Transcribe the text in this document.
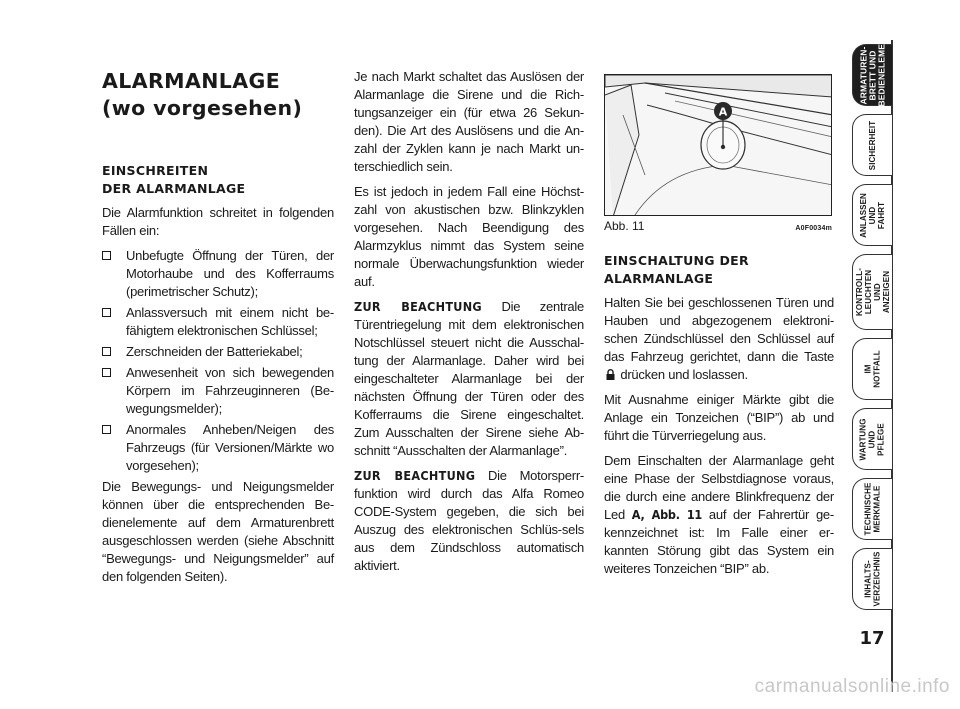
ALARMANLAGE
(wo vorgesehen)
EINSCHREITEN
DER ALARMANLAGE

Die Alarmfunktion schreitet in folgenden Fällen ein:

Unbefugte Öffnung der Türen, der Motorhaube und des Kofferraums (perimetrischer Schutz);
Anlassversuch mit einem nicht be-fähigtem elektronischen Schlüssel;
Zerschneiden der Batteriekabel;
Anwesenheit von sich bewegenden Körpern im Fahrzeuginneren (Be-wegungsmelder);
Anormales Anheben/Neigen des Fahrzeugs (für Versionen/Märkte wo vorgesehen);

Die Bewegungs- und Neigungsmelder können über die entsprechenden Be-dienelemente auf dem Armaturenbrett ausgeschlossen werden (siehe Abschnitt “Bewegungs- und Neigungsmelder” auf den folgenden Seiten).

Je nach Markt schaltet das Auslösen der Alarmanlage die Sirene und die Rich-tungsanzeiger ein (für etwa 26 Sekun-den). Die Art des Auslösens und die An-zahl der Zyklen kann je nach Markt un-terschiedlich sein.

Es ist jedoch in jedem Fall eine Höchst-zahl von akustischen bzw. Blinkzyklen vorgesehen. Nach Beendigung des Alarmzyklus nimmt das System seine normale Überwachungsfunktion wieder auf.

ZUR BEACHTUNG Die zentrale Türentriegelung mit dem elektronischen Notschlüssel steuert nicht die Ausschal-tung der Alarmanlage. Daher wird bei eingeschalteter Alarmanlage bei der nächsten Öffnung der Türen oder des Kofferraums die Sirene eingeschaltet. Zum Ausschalten der Sirene siehe Ab-schnitt “Ausschalten der Alarmanlage”.

ZUR BEACHTUNG Die Motorsperr-funktion wird durch das Alfa Romeo CODE-System gegeben, die sich bei Auszug des elektronischen Schlüs-sels aus dem Zündschloss automatisch aktiviert.

A
Abb. 11	A0F0034m
EINSCHALTUNG DER
ALARMANLAGE

Halten Sie bei geschlossenen Türen und Hauben und abgezogenem elektroni-schen Zündschlüssel den Schlüssel auf das Fahrzeug gerichtet, dann die Taste  drücken und loslassen.

Mit Ausnahme einiger Märkte gibt die Anlage ein Tonzeichen (“BIP”) ab und führt die Türverriegelung aus.

Dem Einschalten der Alarmanlage geht eine Phase der Selbstdiagnose voraus, die durch eine andere Blinkfrequenz der Led A, Abb. 11 auf der Fahrertür ge-kennzeichnet ist: Im Falle einer er-kannten Störung gibt das System ein weiteres Tonzeichen “BIP” ab.

ARMATUREN-
BRETT UND
BEDIENELEMENTE
SICHERHEIT
ANLASSEN
UND FAHRT
KONTROLL-
LEUCHTEN
UND ANZEIGEN
IM NOTFALL
WARTUNG
UND PFLEGE
TECHNISCHE
MERKMALE
INHALTS-
VERZEICHNIS
17
carmanualsonline.info
